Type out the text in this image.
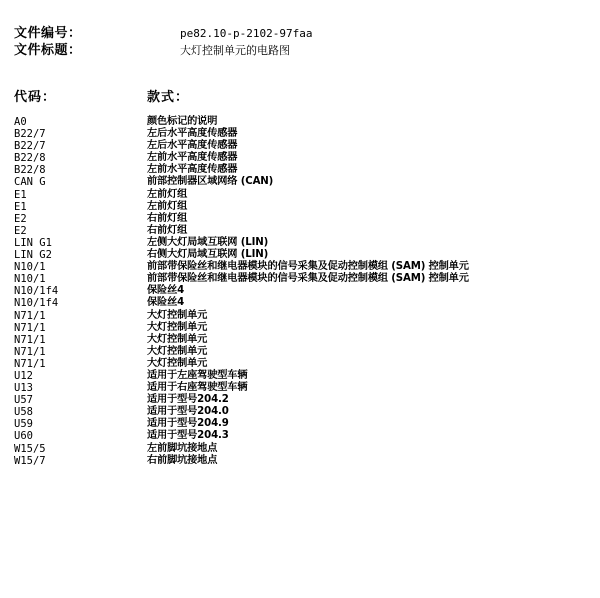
文件编号：	pe82.10-p-2102-97faa
文件标题：	大灯控制单元的电路图
代码：	款式：
A0	颜色标记的说明
B22/7	左后水平高度传感器
B22/7	左后水平高度传感器
B22/8	左前水平高度传感器
B22/8	左前水平高度传感器
CAN G	前部控制器区域网络 (CAN)
E1	左前灯组
E1	左前灯组
E2	右前灯组
E2	右前灯组
LIN G1	左侧大灯局域互联网 (LIN)
LIN G2	右侧大灯局域互联网 (LIN)
N10/1	前部带保险丝和继电器模块的信号采集及促动控制模组 (SAM) 控制单元
N10/1	前部带保险丝和继电器模块的信号采集及促动控制模组 (SAM) 控制单元
N10/1f4	保险丝4
N10/1f4	保险丝4
N71/1	大灯控制单元
N71/1	大灯控制单元
N71/1	大灯控制单元
N71/1	大灯控制单元
N71/1	大灯控制单元
U12	适用于左座驾驶型车辆
U13	适用于右座驾驶型车辆
U57	适用于型号204.2
U58	适用于型号204.0
U59	适用于型号204.9
U60	适用于型号204.3
W15/5	左前脚坑接地点
W15/7	右前脚坑接地点
